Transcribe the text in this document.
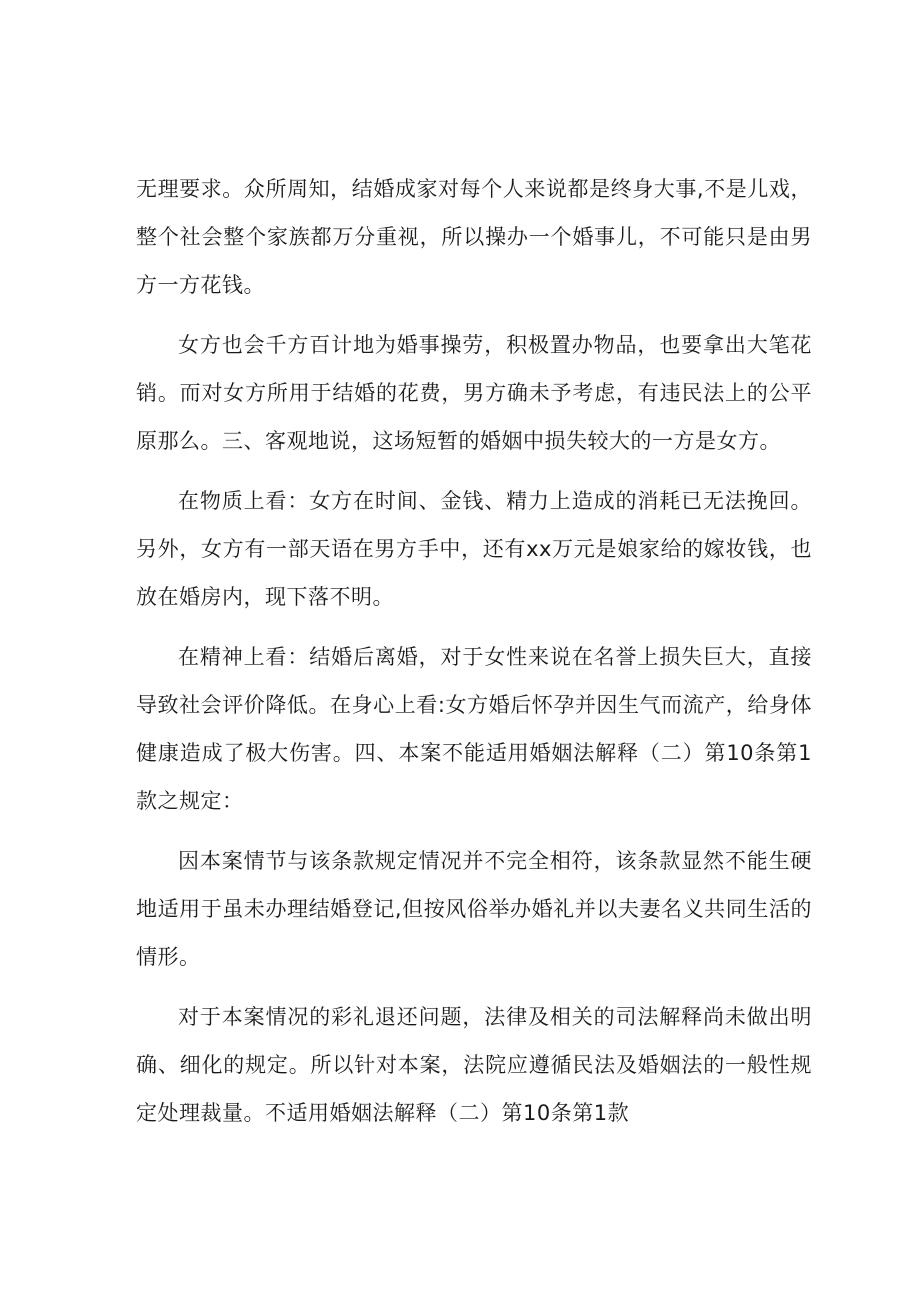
无理要求。众所周知，结婚成家对每个人来说都是终身大事,不是儿戏，整个社会整个家族都万分重视，所以操办一个婚事儿，不可能只是由男方一方花钱。

女方也会千方百计地为婚事操劳，积极置办物品，也要拿出大笔花销。而对女方所用于结婚的花费，男方确未予考虑，有违民法上的公平原那么。三、客观地说，这场短暂的婚姻中损失较大的一方是女方。

在物质上看：女方在时间、金钱、精力上造成的消耗已无法挽回。另外，女方有一部天语在男方手中，还有xx万元是娘家给的嫁妆钱，也放在婚房内，现下落不明。

在精神上看：结婚后离婚，对于女性来说在名誉上损失巨大，直接导致社会评价降低。在身心上看:女方婚后怀孕并因生气而流产，给身体健康造成了极大伤害。四、本案不能适用婚姻法解释（二）第10条第1款之规定：

因本案情节与该条款规定情况并不完全相符，该条款显然不能生硬地适用于虽未办理结婚登记,但按风俗举办婚礼并以夫妻名义共同生活的情形。

对于本案情况的彩礼退还问题，法律及相关的司法解释尚未做出明确、细化的规定。所以针对本案，法院应遵循民法及婚姻法的一般性规定处理裁量。不适用婚姻法解释（二）第10条第1款
